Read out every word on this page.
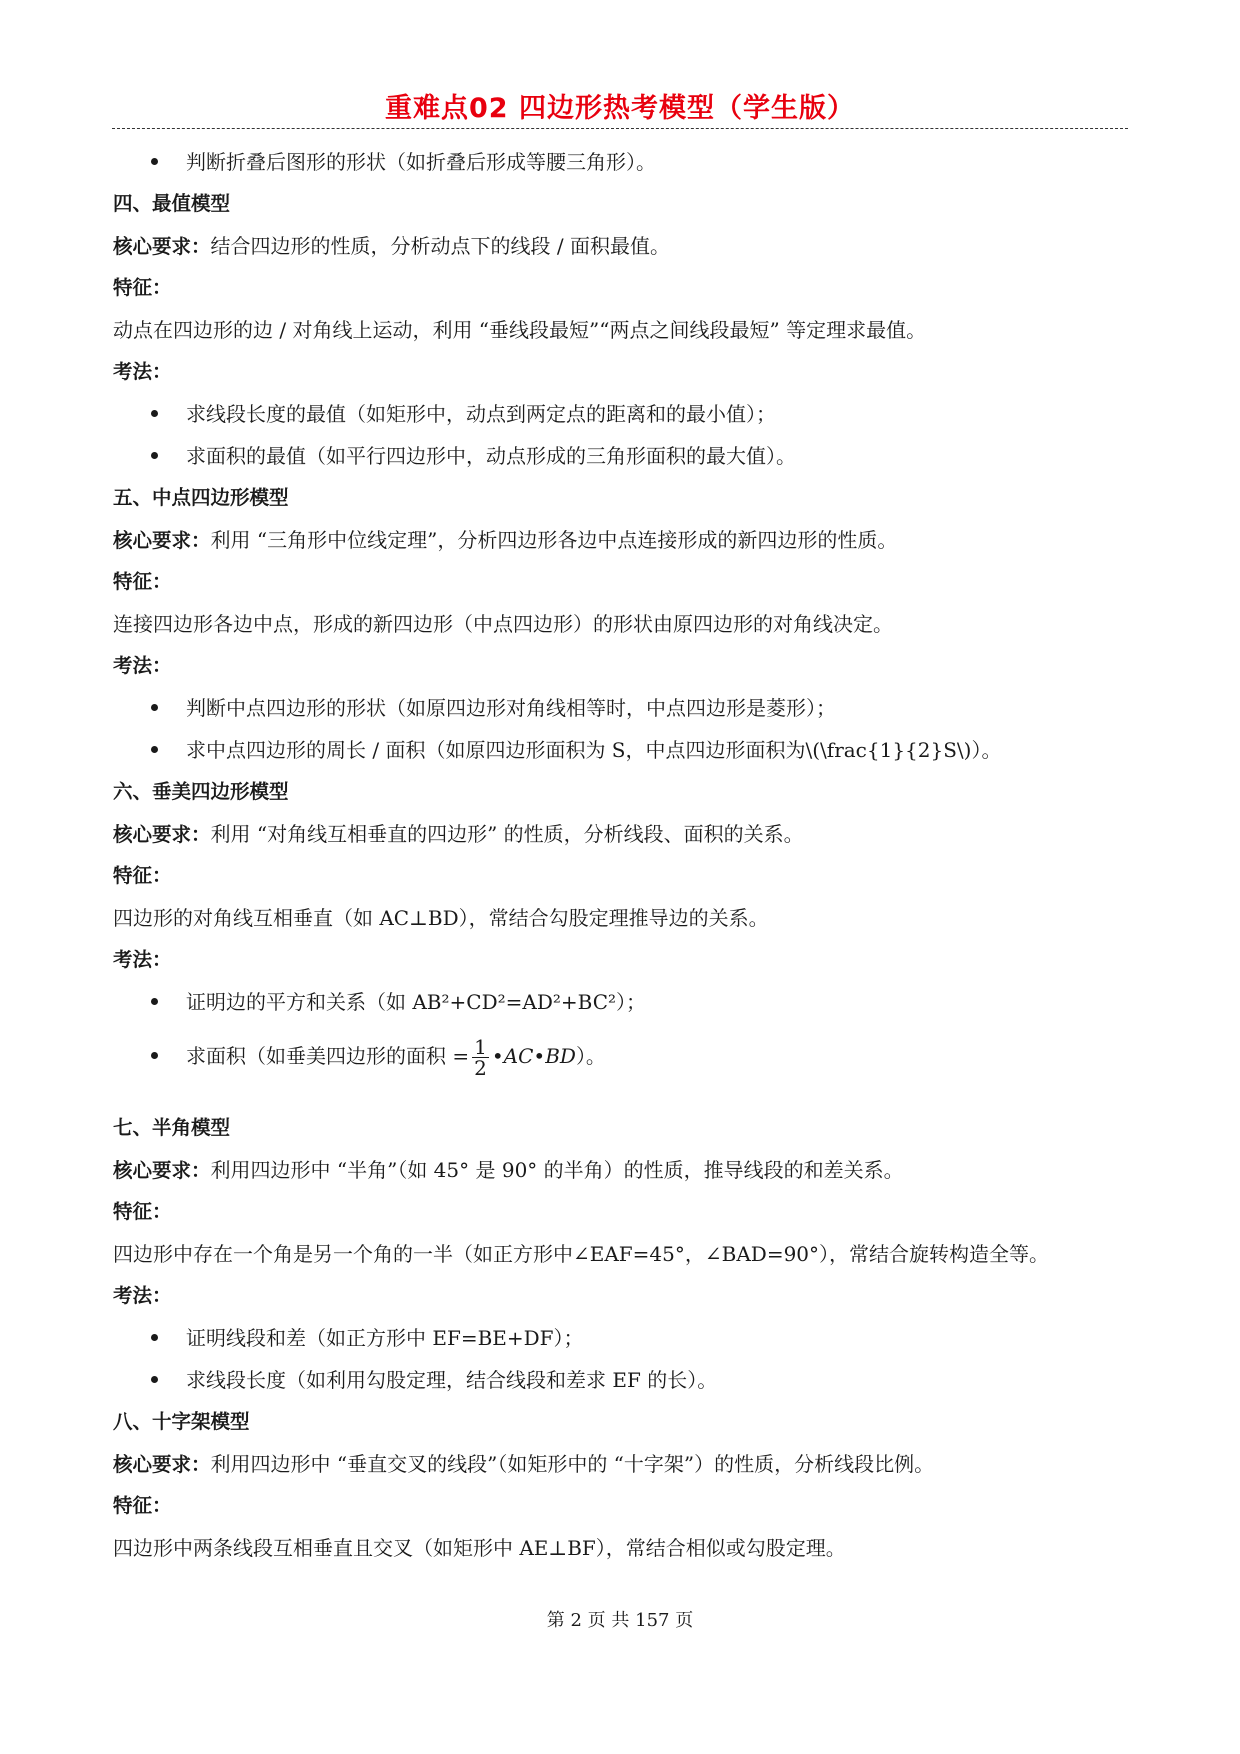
重难点02 四边形热考模型（学生版）
判断折叠后图形的形状（如折叠后形成等腰三角形）。
四、最值模型
核心要求：结合四边形的性质，分析动点下的线段 / 面积最值。
特征：
动点在四边形的边 / 对角线上运动，利用 “垂线段最短”“两点之间线段最短” 等定理求最值。
考法：
求线段长度的最值（如矩形中，动点到两定点的距离和的最小值）；
求面积的最值（如平行四边形中，动点形成的三角形面积的最大值）。
五、中点四边形模型
核心要求：利用 “三角形中位线定理”，分析四边形各边中点连接形成的新四边形的性质。
特征：
连接四边形各边中点，形成的新四边形（中点四边形）的形状由原四边形的对角线决定。
考法：
判断中点四边形的形状（如原四边形对角线相等时，中点四边形是菱形）；
求中点四边形的周长 / 面积（如原四边形面积为 S，中点四边形面积为\(\frac{1}{2}S\)）。
六、垂美四边形模型
核心要求：利用 “对角线互相垂直的四边形” 的性质，分析线段、面积的关系。
特征：
四边形的对角线互相垂直（如 AC⊥BD），常结合勾股定理推导边的关系。
考法：
证明边的平方和关系（如 AB²+CD²=AD²+BC²）；
求面积（如垂美四边形的面积 = $\frac{1}{2}$ •AC•BD）。
七、半角模型
核心要求：利用四边形中 “半角”（如 45° 是 90° 的半角）的性质，推导线段的和差关系。
特征：
四边形中存在一个角是另一个角的一半（如正方形中∠EAF=45°，∠BAD=90°），常结合旋转构造全等。
考法：
证明线段和差（如正方形中 EF=BE+DF）；
求线段长度（如利用勾股定理，结合线段和差求 EF 的长）。
八、十字架模型
核心要求：利用四边形中 “垂直交叉的线段”（如矩形中的 “十字架”）的性质，分析线段比例。
特征：
四边形中两条线段互相垂直且交叉（如矩形中 AE⊥BF），常结合相似或勾股定理。
第 2 页 共 157 页
